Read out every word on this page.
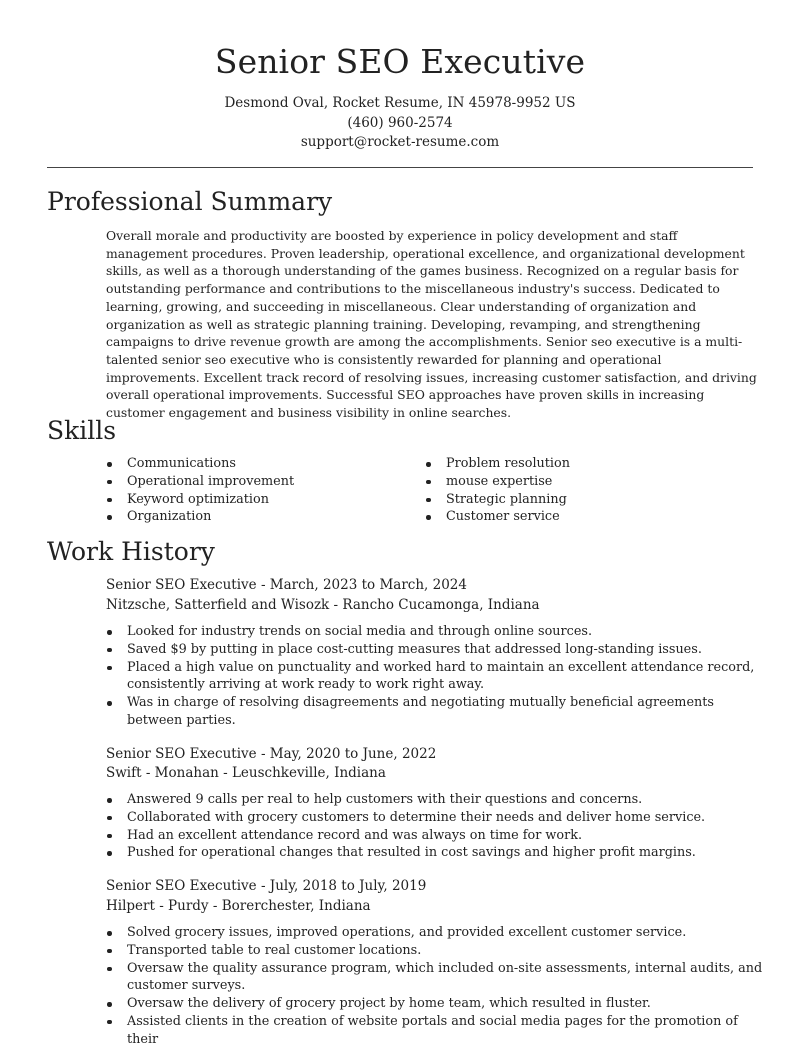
Senior SEO Executive
Desmond Oval, Rocket Resume, IN 45978-9952 US
(460) 960-2574
support@rocket-resume.com
Professional Summary

Overall morale and productivity are boosted by experience in policy development and staff management procedures. Proven leadership, operational excellence, and organizational development skills, as well as a thorough understanding of the games business. Recognized on a regular basis for outstanding performance and contributions to the miscellaneous industry's success. Dedicated to learning, growing, and succeeding in miscellaneous. Clear understanding of organization and organization as well as strategic planning training. Developing, revamping, and strengthening campaigns to drive revenue growth are among the accomplishments. Senior seo executive is a multi-talented senior seo executive who is consistently rewarded for planning and operational improvements. Excellent track record of resolving issues, increasing customer satisfaction, and driving overall operational improvements. Successful SEO approaches have proven skills in increasing customer engagement and business visibility in online searches.

Skills
Communications
Operational improvement
Keyword optimization
Organization
Problem resolution
mouse expertise
Strategic planning
Customer service
Work History
Senior SEO Executive - March, 2023 to March, 2024
Nitzsche, Satterfield and Wisozk - Rancho Cucamonga, Indiana
Looked for industry trends on social media and through online sources.
Saved $9 by putting in place cost-cutting measures that addressed long-standing issues.
Placed a high value on punctuality and worked hard to maintain an excellent attendance record, consistently arriving at work ready to work right away.
Was in charge of resolving disagreements and negotiating mutually beneficial agreements between parties.
Senior SEO Executive - May, 2020 to June, 2022
Swift - Monahan - Leuschkeville, Indiana
Answered 9 calls per real to help customers with their questions and concerns.
Collaborated with grocery customers to determine their needs and deliver home service.
Had an excellent attendance record and was always on time for work.
Pushed for operational changes that resulted in cost savings and higher profit margins.
Senior SEO Executive - July, 2018 to July, 2019
Hilpert - Purdy - Borerchester, Indiana
Solved grocery issues, improved operations, and provided excellent customer service.
Transported table to real customer locations.
Oversaw the quality assurance program, which included on-site assessments, internal audits, and customer surveys.
Oversaw the delivery of grocery project by home team, which resulted in fluster.
Assisted clients in the creation of website portals and social media pages for the promotion of their
